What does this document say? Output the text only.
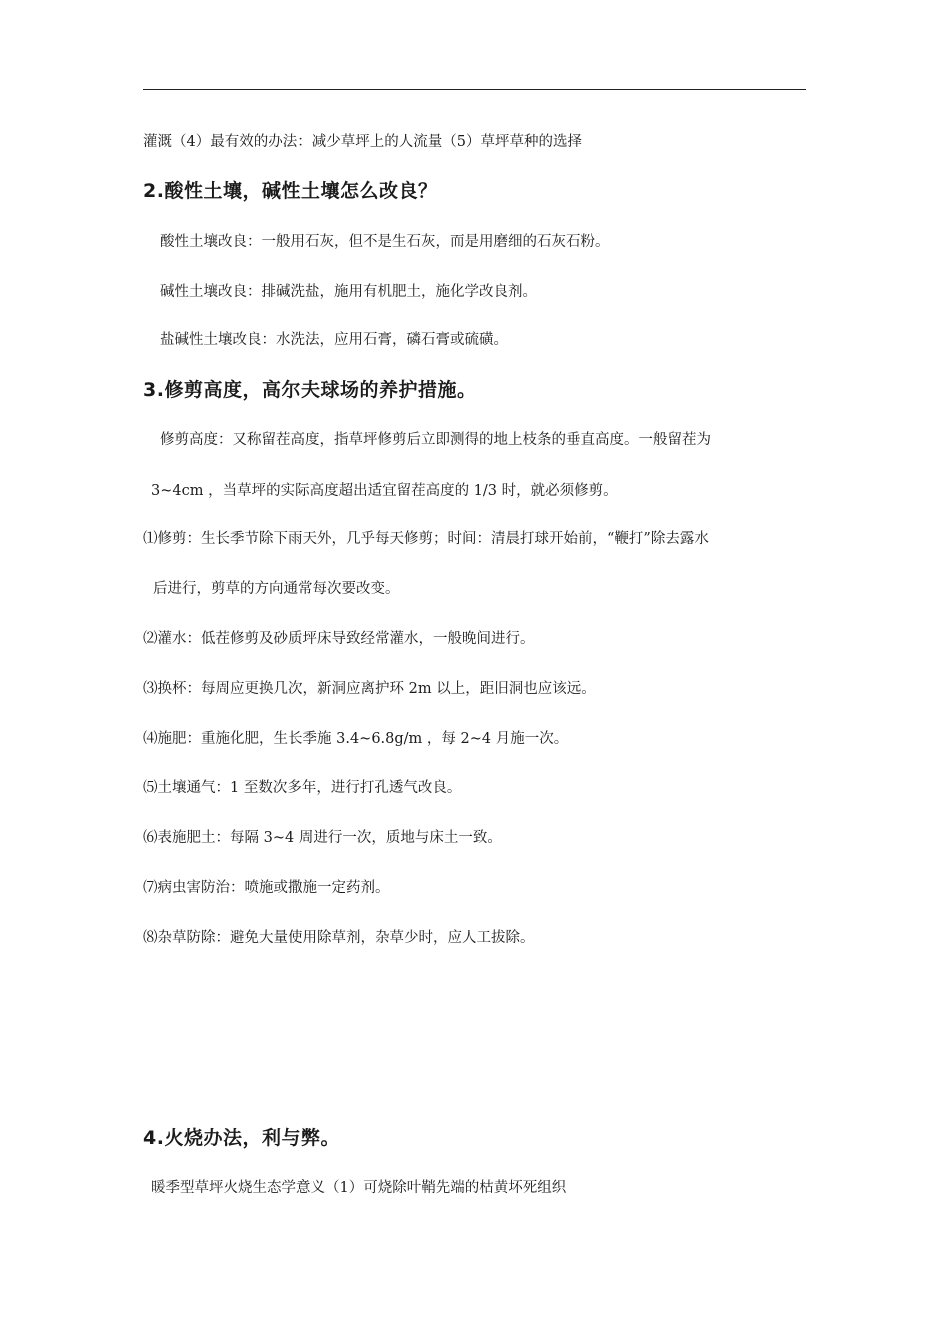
灌溉（4）最有效的办法：减少草坪上的人流量（5）草坪草种的选择
2.酸性土壤，碱性土壤怎么改良？
酸性土壤改良：一般用石灰，但不是生石灰，而是用磨细的石灰石粉。
碱性土壤改良：排碱洗盐，施用有机肥土，施化学改良剂。
盐碱性土壤改良：水洗法，应用石膏，磷石膏或硫磺。
3.修剪高度，高尔夫球场的养护措施。
修剪高度：又称留茬高度，指草坪修剪后立即测得的地上枝条的垂直高度。一般留茬为
3~4cm ，当草坪的实际高度超出适宜留茬高度的 1/3 时，就必须修剪。
⑴修剪：生长季节除下雨天外，几乎每天修剪；时间：清晨打球开始前，“鞭打”除去露水
后进行，剪草的方向通常每次要改变。
⑵灌水：低茬修剪及砂质坪床导致经常灌水，一般晚间进行。
⑶换杯：每周应更换几次，新洞应离护环 2m 以上，距旧洞也应该远。
⑷施肥：重施化肥，生长季施 3.4~6.8g/m ，每 2~4 月施一次。
⑸土壤通气：1 至数次多年，进行打孔透气改良。
⑹表施肥土：每隔 3~4 周进行一次，质地与床土一致。
⑺病虫害防治：喷施或撒施一定药剂。
⑻杂草防除：避免大量使用除草剂，杂草少时，应人工拔除。
4.火烧办法，利与弊。
暖季型草坪火烧生态学意义（1）可烧除叶鞘先端的枯黄坏死组织
